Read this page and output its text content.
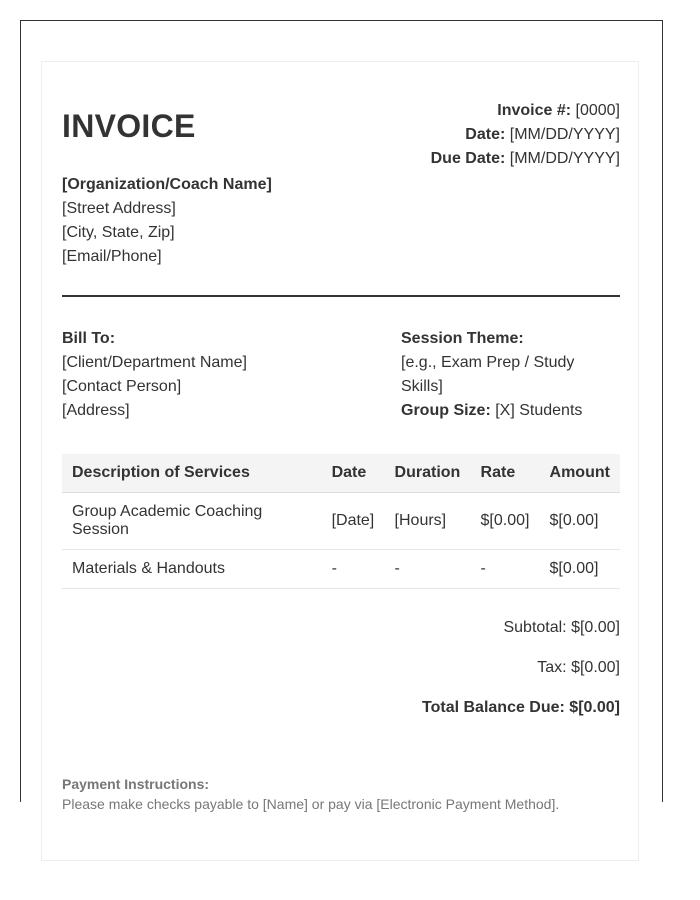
INVOICE	Invoice #: [0000]
Date: [MM/DD/YYYY]
Due Date: [MM/DD/YYYY]
[Organization/Coach Name]
[Street Address]
[City, State, Zip]
[Email/Phone]
Bill To:
[Client/Department Name]
[Contact Person]
[Address]
Session Theme:
[e.g., Exam Prep / Study Skills]
Group Size: [X] Students
Description of Services	Date	Duration	Rate	Amount
Group Academic Coaching Session	[Date]	[Hours]	$[0.00]	$[0.00]
Materials & Handouts	-	-	-	$[0.00]
Subtotal: $[0.00]
Tax: $[0.00]
Total Balance Due: $[0.00]
Payment Instructions:
Please make checks payable to [Name] or pay via [Electronic Payment Method].
